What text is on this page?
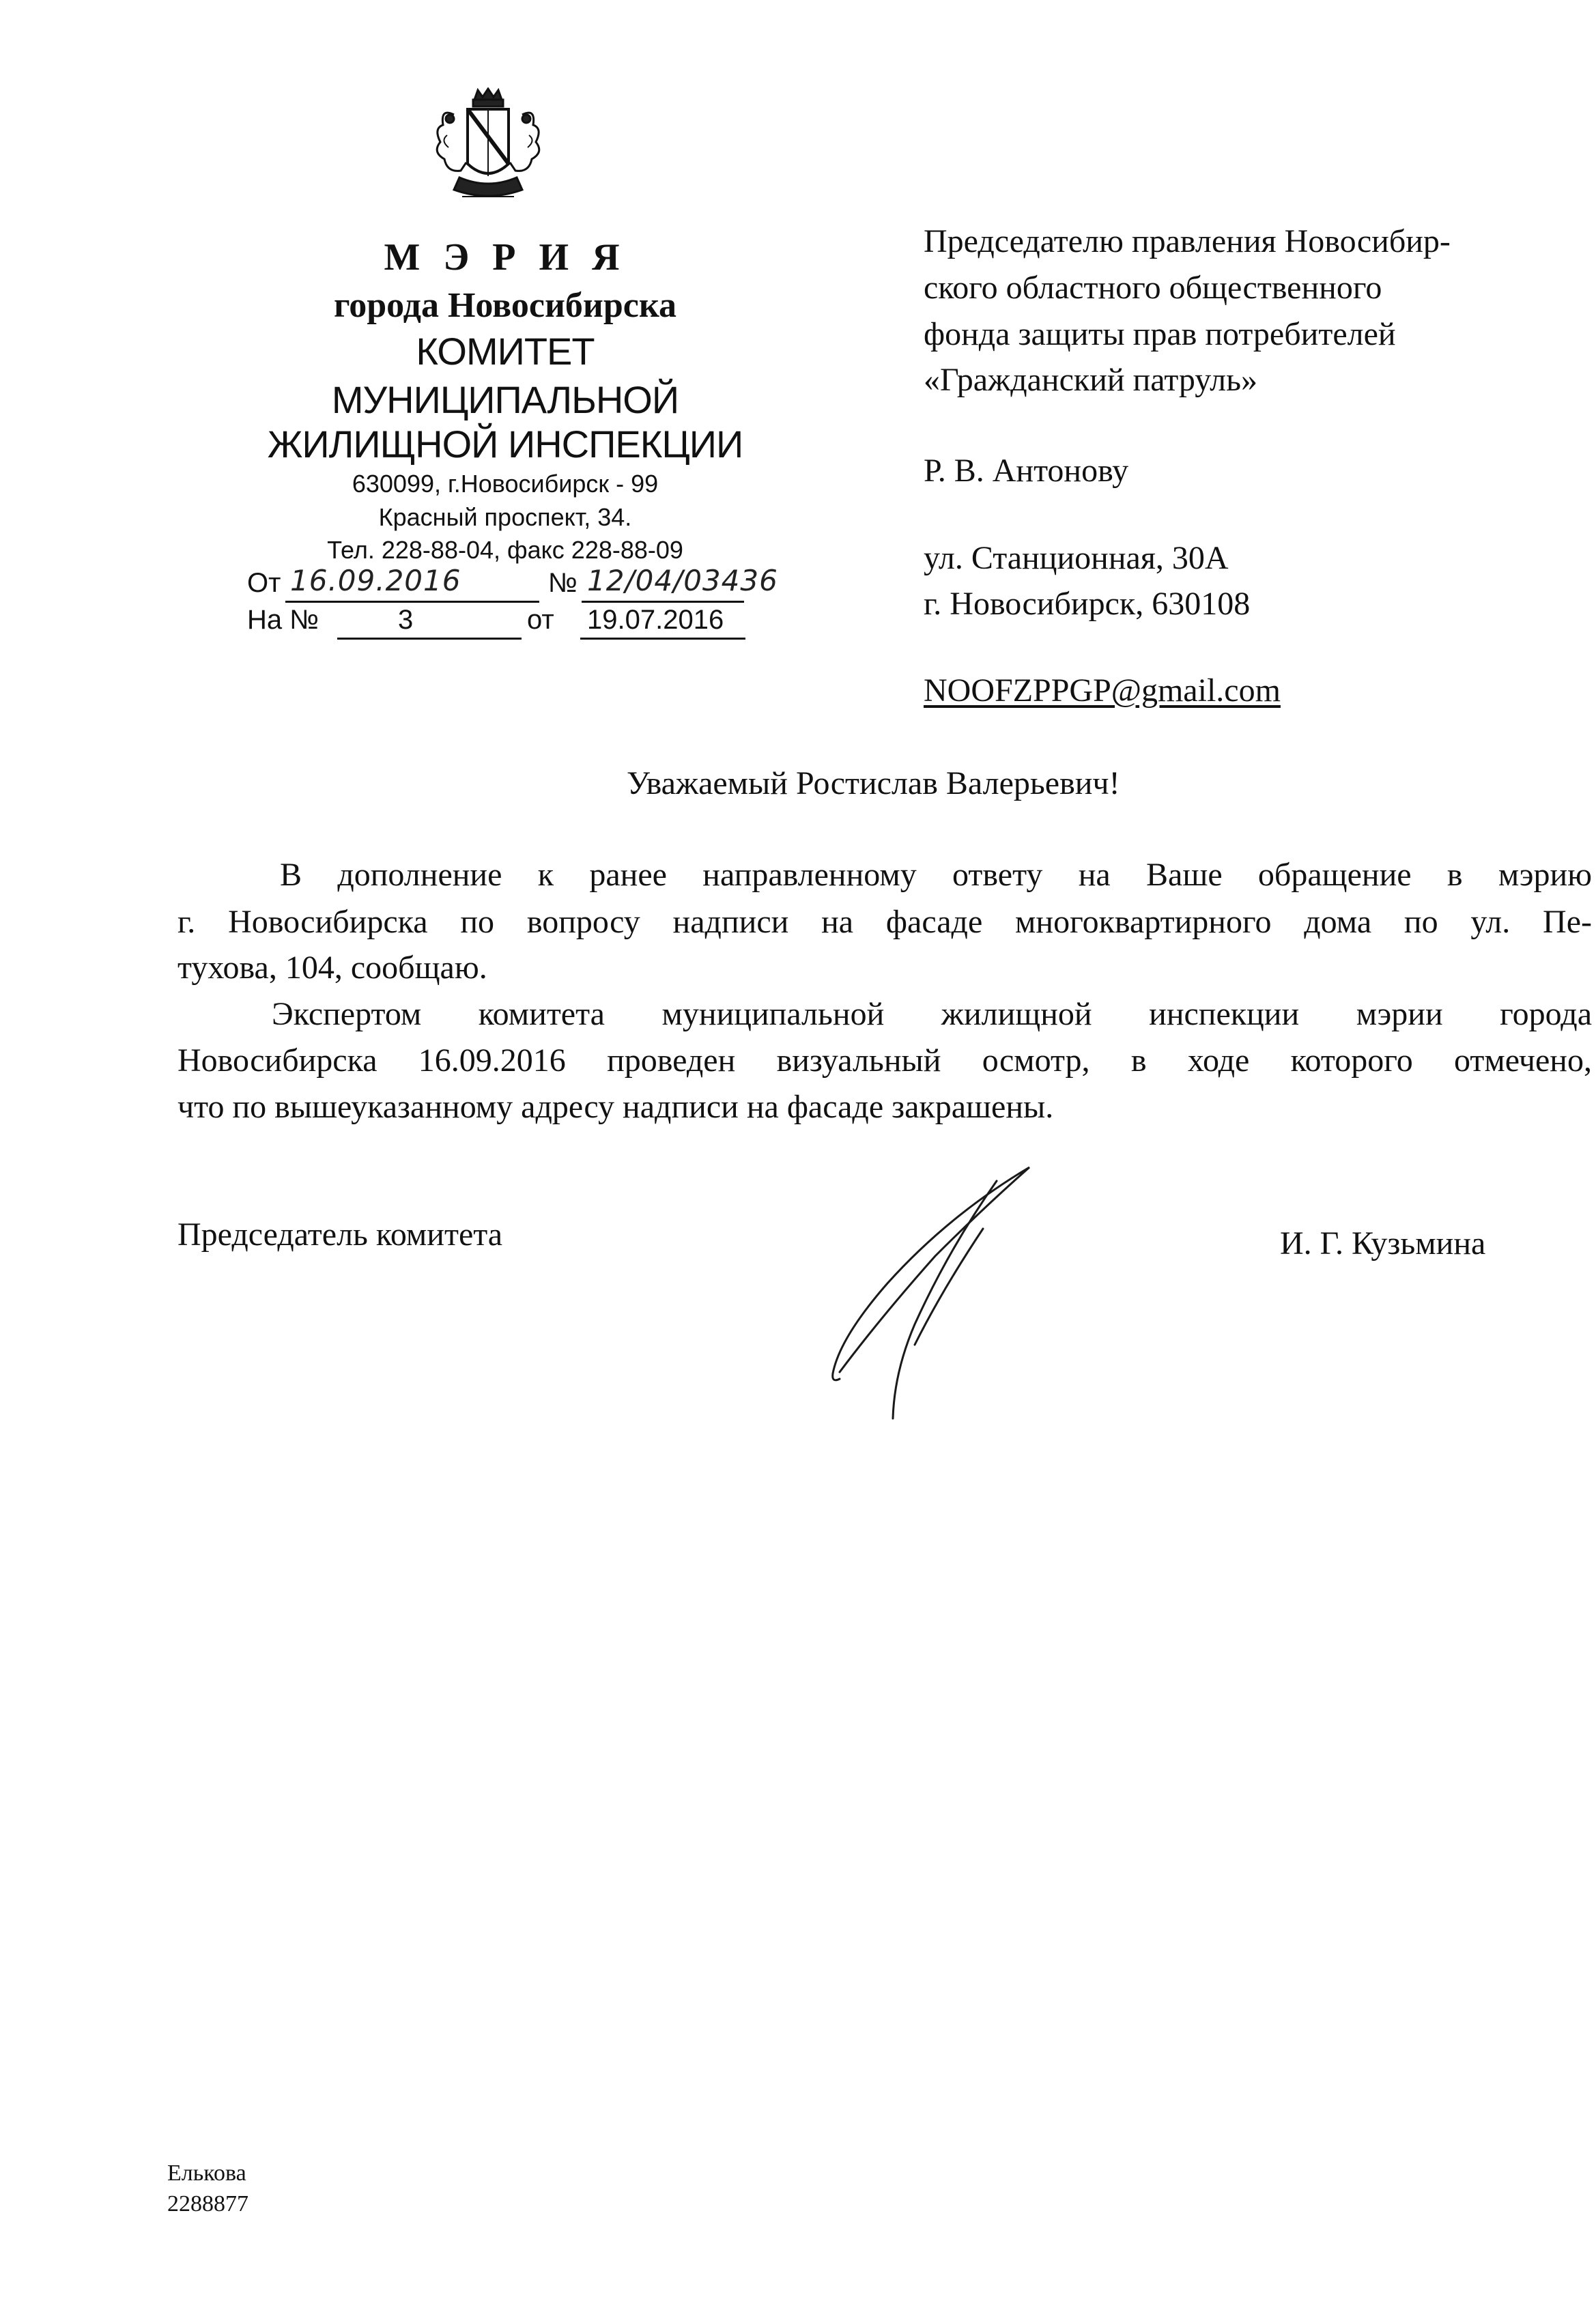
М Э Р И Я
города Новосибирска
КОМИТЕТ
МУНИЦИПАЛЬНОЙ
ЖИЛИЩНОЙ ИНСПЕКЦИИ
630099, г.Новосибирск - 99
Красный проспект, 34.
Тел. 228-88-04, факс 228-88-09
От 16.09.2016	№ 12/04/03436
На №	3	от 19.07.2016
Председателю правления Новосибир-
ского областного общественного
фонда защиты прав потребителей
«Гражданский патруль»
Р. В. Антонову
ул. Станционная, 30А
г. Новосибирск, 630108
NOOFZPPGP@gmail.com
Уважаемый Ростислав Валерьевич!
В дополнение к ранее направленному ответу на Ваше обращение в мэрию
г. Новосибирска по вопросу надписи на фасаде многоквартирного дома по ул. Пе-
тухова, 104, сообщаю.
Экспертом комитета муниципальной жилищной инспекции мэрии города
Новосибирска 16.09.2016 проведен визуальный осмотр, в ходе которого отмечено,
что по вышеуказанному адресу надписи на фасаде закрашены.
Председатель комитета	И. Г. Кузьмина
Елькова
2288877
